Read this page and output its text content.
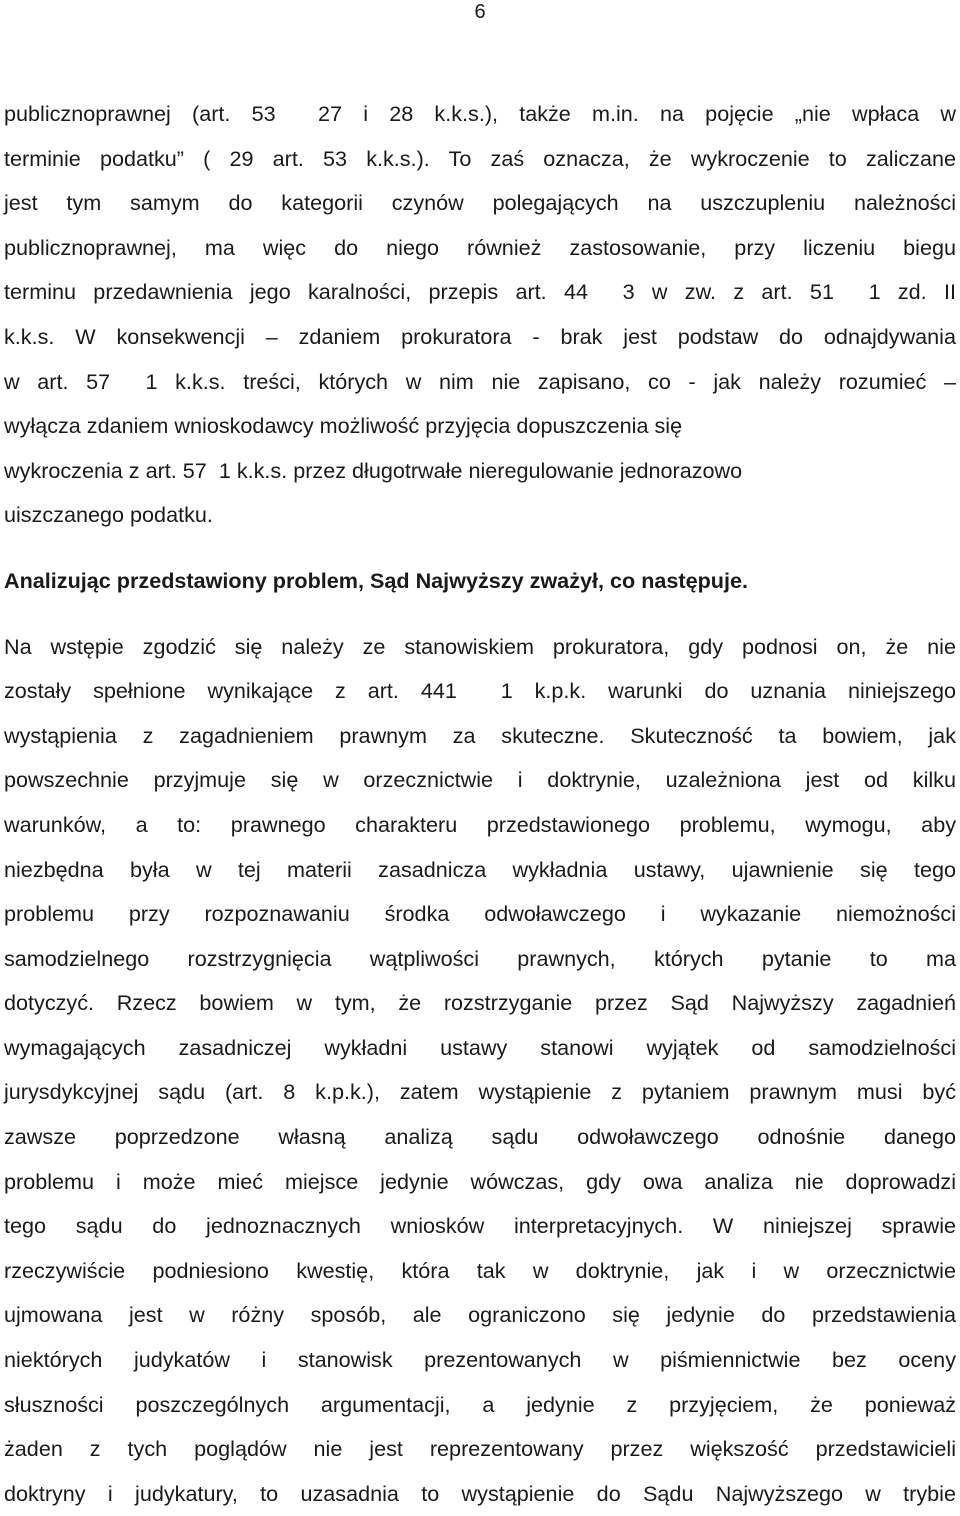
6
publicznoprawnej (art. 53  27 i 28 k.k.s.), także m.in. na pojęcie „nie wpłaca w
terminie podatku” ( 29 art. 53 k.k.s.). To zaś oznacza, że wykroczenie to zaliczane
jest tym samym do kategorii czynów polegających na uszczupleniu należności
publicznoprawnej, ma więc do niego również zastosowanie, przy liczeniu biegu
terminu przedawnienia jego karalności, przepis art. 44  3 w zw. z art. 51  1 zd. II
k.k.s. W konsekwencji – zdaniem prokuratora - brak jest podstaw do odnajdywania
w art. 57  1 k.k.s. treści, których w nim nie zapisano, co - jak należy rozumieć –
wyłącza zdaniem wnioskodawcy możliwość przyjęcia dopuszczenia się
wykroczenia z art. 57  1 k.k.s. przez długotrwałe nieregulowanie jednorazowo
uiszczanego podatku.
Analizując przedstawiony problem, Sąd Najwyższy zważył, co następuje.
Na wstępie zgodzić się należy ze stanowiskiem prokuratora, gdy podnosi on, że nie
zostały spełnione wynikające z art. 441  1 k.p.k. warunki do uznania niniejszego
wystąpienia z zagadnieniem prawnym za skuteczne. Skuteczność ta bowiem, jak
powszechnie przyjmuje się w orzecznictwie i doktrynie, uzależniona jest od kilku
warunków, a to: prawnego charakteru przedstawionego problemu, wymogu, aby
niezbędna była w tej materii zasadnicza wykładnia ustawy, ujawnienie się tego
problemu przy rozpoznawaniu środka odwoławczego i wykazanie niemożności
samodzielnego rozstrzygnięcia wątpliwości prawnych, których pytanie to ma
dotyczyć. Rzecz bowiem w tym, że rozstrzyganie przez Sąd Najwyższy zagadnień
wymagających zasadniczej wykładni ustawy stanowi wyjątek od samodzielności
jurysdykcyjnej sądu (art. 8 k.p.k.), zatem wystąpienie z pytaniem prawnym musi być
zawsze poprzedzone własną analizą sądu odwoławczego odnośnie danego
problemu i może mieć miejsce jedynie wówczas, gdy owa analiza nie doprowadzi
tego sądu do jednoznacznych wniosków interpretacyjnych. W niniejszej sprawie
rzeczywiście podniesiono kwestię, która tak w doktrynie, jak i w orzecznictwie
ujmowana jest w różny sposób, ale ograniczono się jedynie do przedstawienia
niektórych judykatów i stanowisk prezentowanych w piśmiennictwie bez oceny
słuszności poszczególnych argumentacji, a jedynie z przyjęciem, że ponieważ
żaden z tych poglądów nie jest reprezentowany przez większość przedstawicieli
doktryny i judykatury, to uzasadnia to wystąpienie do Sądu Najwyższego w trybie
